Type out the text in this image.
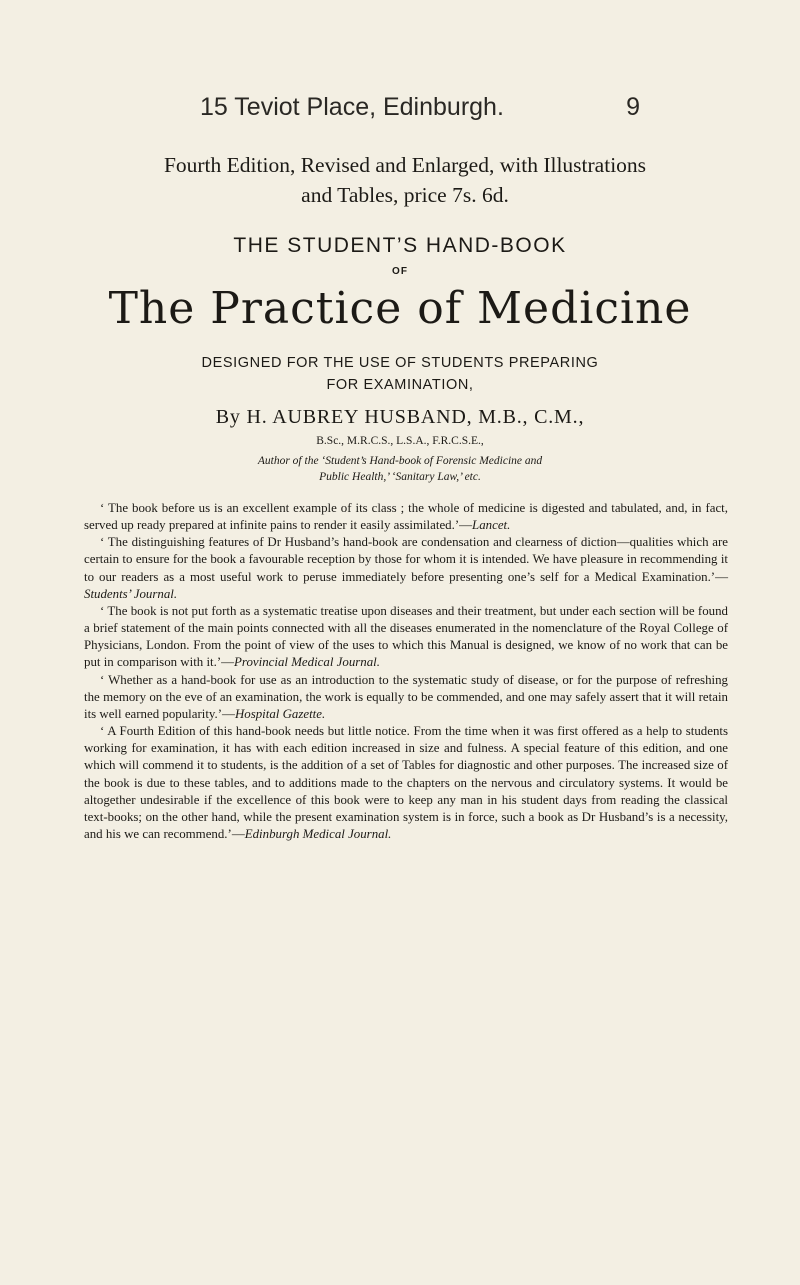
15 Teviot Place, Edinburgh.	9
Fourth Edition, Revised and Enlarged, with Illustrations
and Tables, price 7s. 6d.
THE STUDENT’S HAND-BOOK
OF
The Practice of Medicine
DESIGNED FOR THE USE OF STUDENTS PREPARING
FOR EXAMINATION,
By H. AUBREY HUSBAND, M.B., C.M.,
B.Sc., M.R.C.S., L.S.A., F.R.C.S.E.,
Author of the ‘Student’s Hand-book of Forensic Medicine and
Public Health,’ ‘Sanitary Law,’ etc.

‘ The book before us is an excellent example of its class ; the whole of medicine is digested and tabulated, and, in fact, served up ready prepared at infinite pains to render it easily assimilated.’—Lancet.

‘ The distinguishing features of Dr Husband’s hand-book are condensation and clearness of diction—qualities which are certain to ensure for the book a favourable reception by those for whom it is intended. We have pleasure in recommending it to our readers as a most useful work to peruse immediately before presenting one’s self for a Medical Examination.’—Students’ Journal.

‘ The book is not put forth as a systematic treatise upon diseases and their treatment, but under each section will be found a brief statement of the main points connected with all the diseases enumerated in the nomenclature of the Royal College of Physicians, London. From the point of view of the uses to which this Manual is designed, we know of no work that can be put in comparison with it.’—Provincial Medical Journal.

‘ Whether as a hand-book for use as an introduction to the systematic study of disease, or for the purpose of refreshing the memory on the eve of an examination, the work is equally to be commended, and one may safely assert that it will retain its well earned popularity.’—Hospital Gazette.

‘ A Fourth Edition of this hand-book needs but little notice. From the time when it was first offered as a help to students working for examination, it has with each edition increased in size and fulness. A special feature of this edition, and one which will commend it to students, is the addition of a set of Tables for diagnostic and other purposes. The increased size of the book is due to these tables, and to additions made to the chapters on the nervous and circulatory systems. It would be altogether undesirable if the excellence of this book were to keep any man in his student days from reading the classical text-books; on the other hand, while the present examination system is in force, such a book as Dr Husband’s is a necessity, and his we can recommend.’—Edinburgh Medical Journal.
